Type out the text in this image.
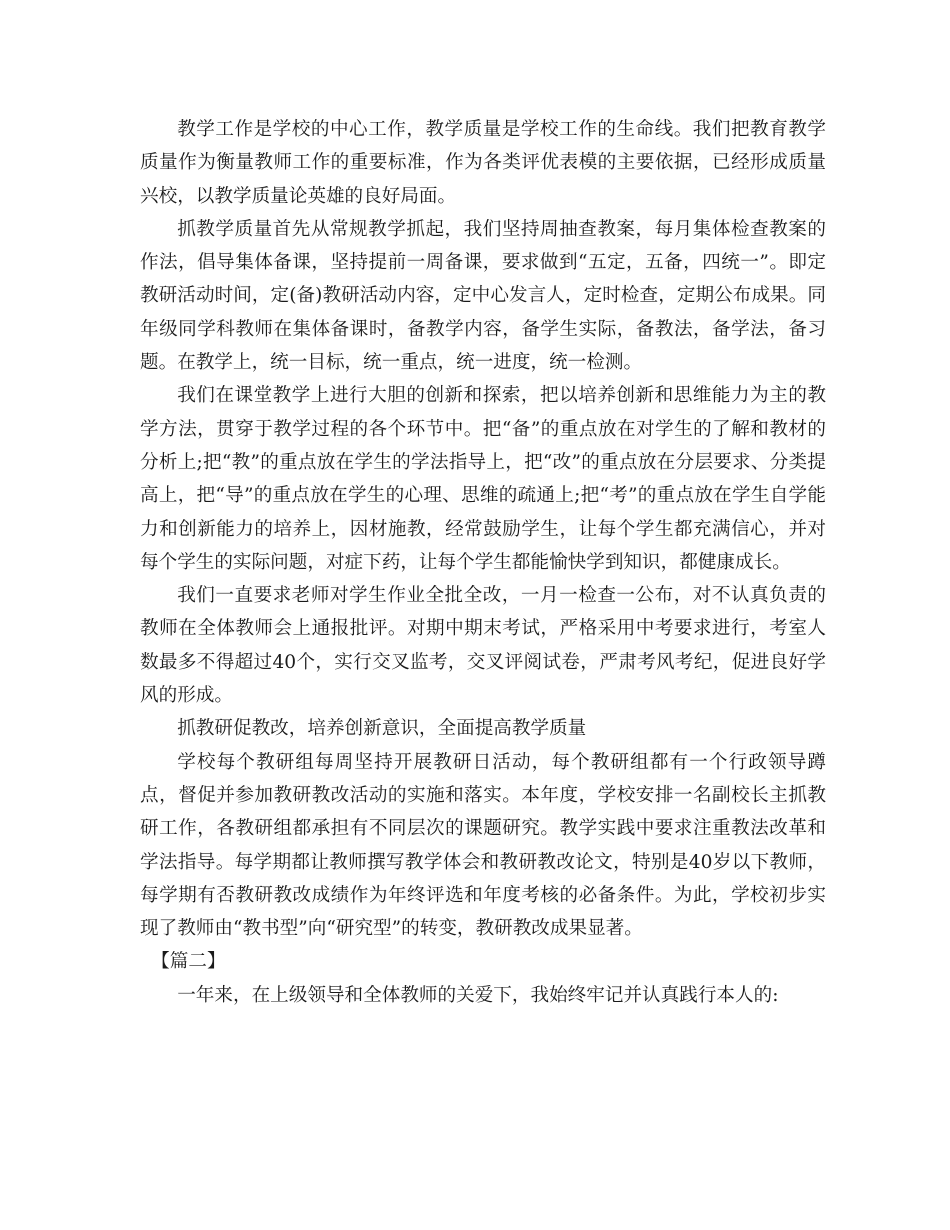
教学工作是学校的中心工作，教学质量是学校工作的生命线。我们把教育教学质量作为衡量教师工作的重要标准，作为各类评优表模的主要依据，已经形成质量兴校，以教学质量论英雄的良好局面。

抓教学质量首先从常规教学抓起，我们坚持周抽查教案，每月集体检查教案的作法，倡导集体备课，坚持提前一周备课，要求做到“五定，五备，四统一”。即定教研活动时间，定(备)教研活动内容，定中心发言人，定时检查，定期公布成果。同年级同学科教师在集体备课时，备教学内容，备学生实际，备教法，备学法，备习题。在教学上，统一目标，统一重点，统一进度，统一检测。

我们在课堂教学上进行大胆的创新和探索，把以培养创新和思维能力为主的教学方法，贯穿于教学过程的各个环节中。把“备”的重点放在对学生的了解和教材的分析上;把“教”的重点放在学生的学法指导上，把“改”的重点放在分层要求、分类提高上，把“导”的重点放在学生的心理、思维的疏通上;把“考”的重点放在学生自学能力和创新能力的培养上，因材施教，经常鼓励学生，让每个学生都充满信心，并对每个学生的实际问题，对症下药，让每个学生都能愉快学到知识，都健康成长。

我们一直要求老师对学生作业全批全改，一月一检查一公布，对不认真负责的教师在全体教师会上通报批评。对期中期末考试，严格采用中考要求进行，考室人数最多不得超过40个，实行交叉监考，交叉评阅试卷，严肃考风考纪，促进良好学风的形成。

抓教研促教改，培养创新意识，全面提高教学质量

学校每个教研组每周坚持开展教研日活动，每个教研组都有一个行政领导蹲点，督促并参加教研教改活动的实施和落实。本年度，学校安排一名副校长主抓教研工作，各教研组都承担有不同层次的课题研究。教学实践中要求注重教法改革和学法指导。每学期都让教师撰写教学体会和教研教改论文，特别是40岁以下教师，每学期有否教研教改成绩作为年终评选和年度考核的必备条件。为此，学校初步实现了教师由“教书型”向“研究型”的转变，教研教改成果显著。

【篇二】

一年来，在上级领导和全体教师的关爱下，我始终牢记并认真践行本人的:
